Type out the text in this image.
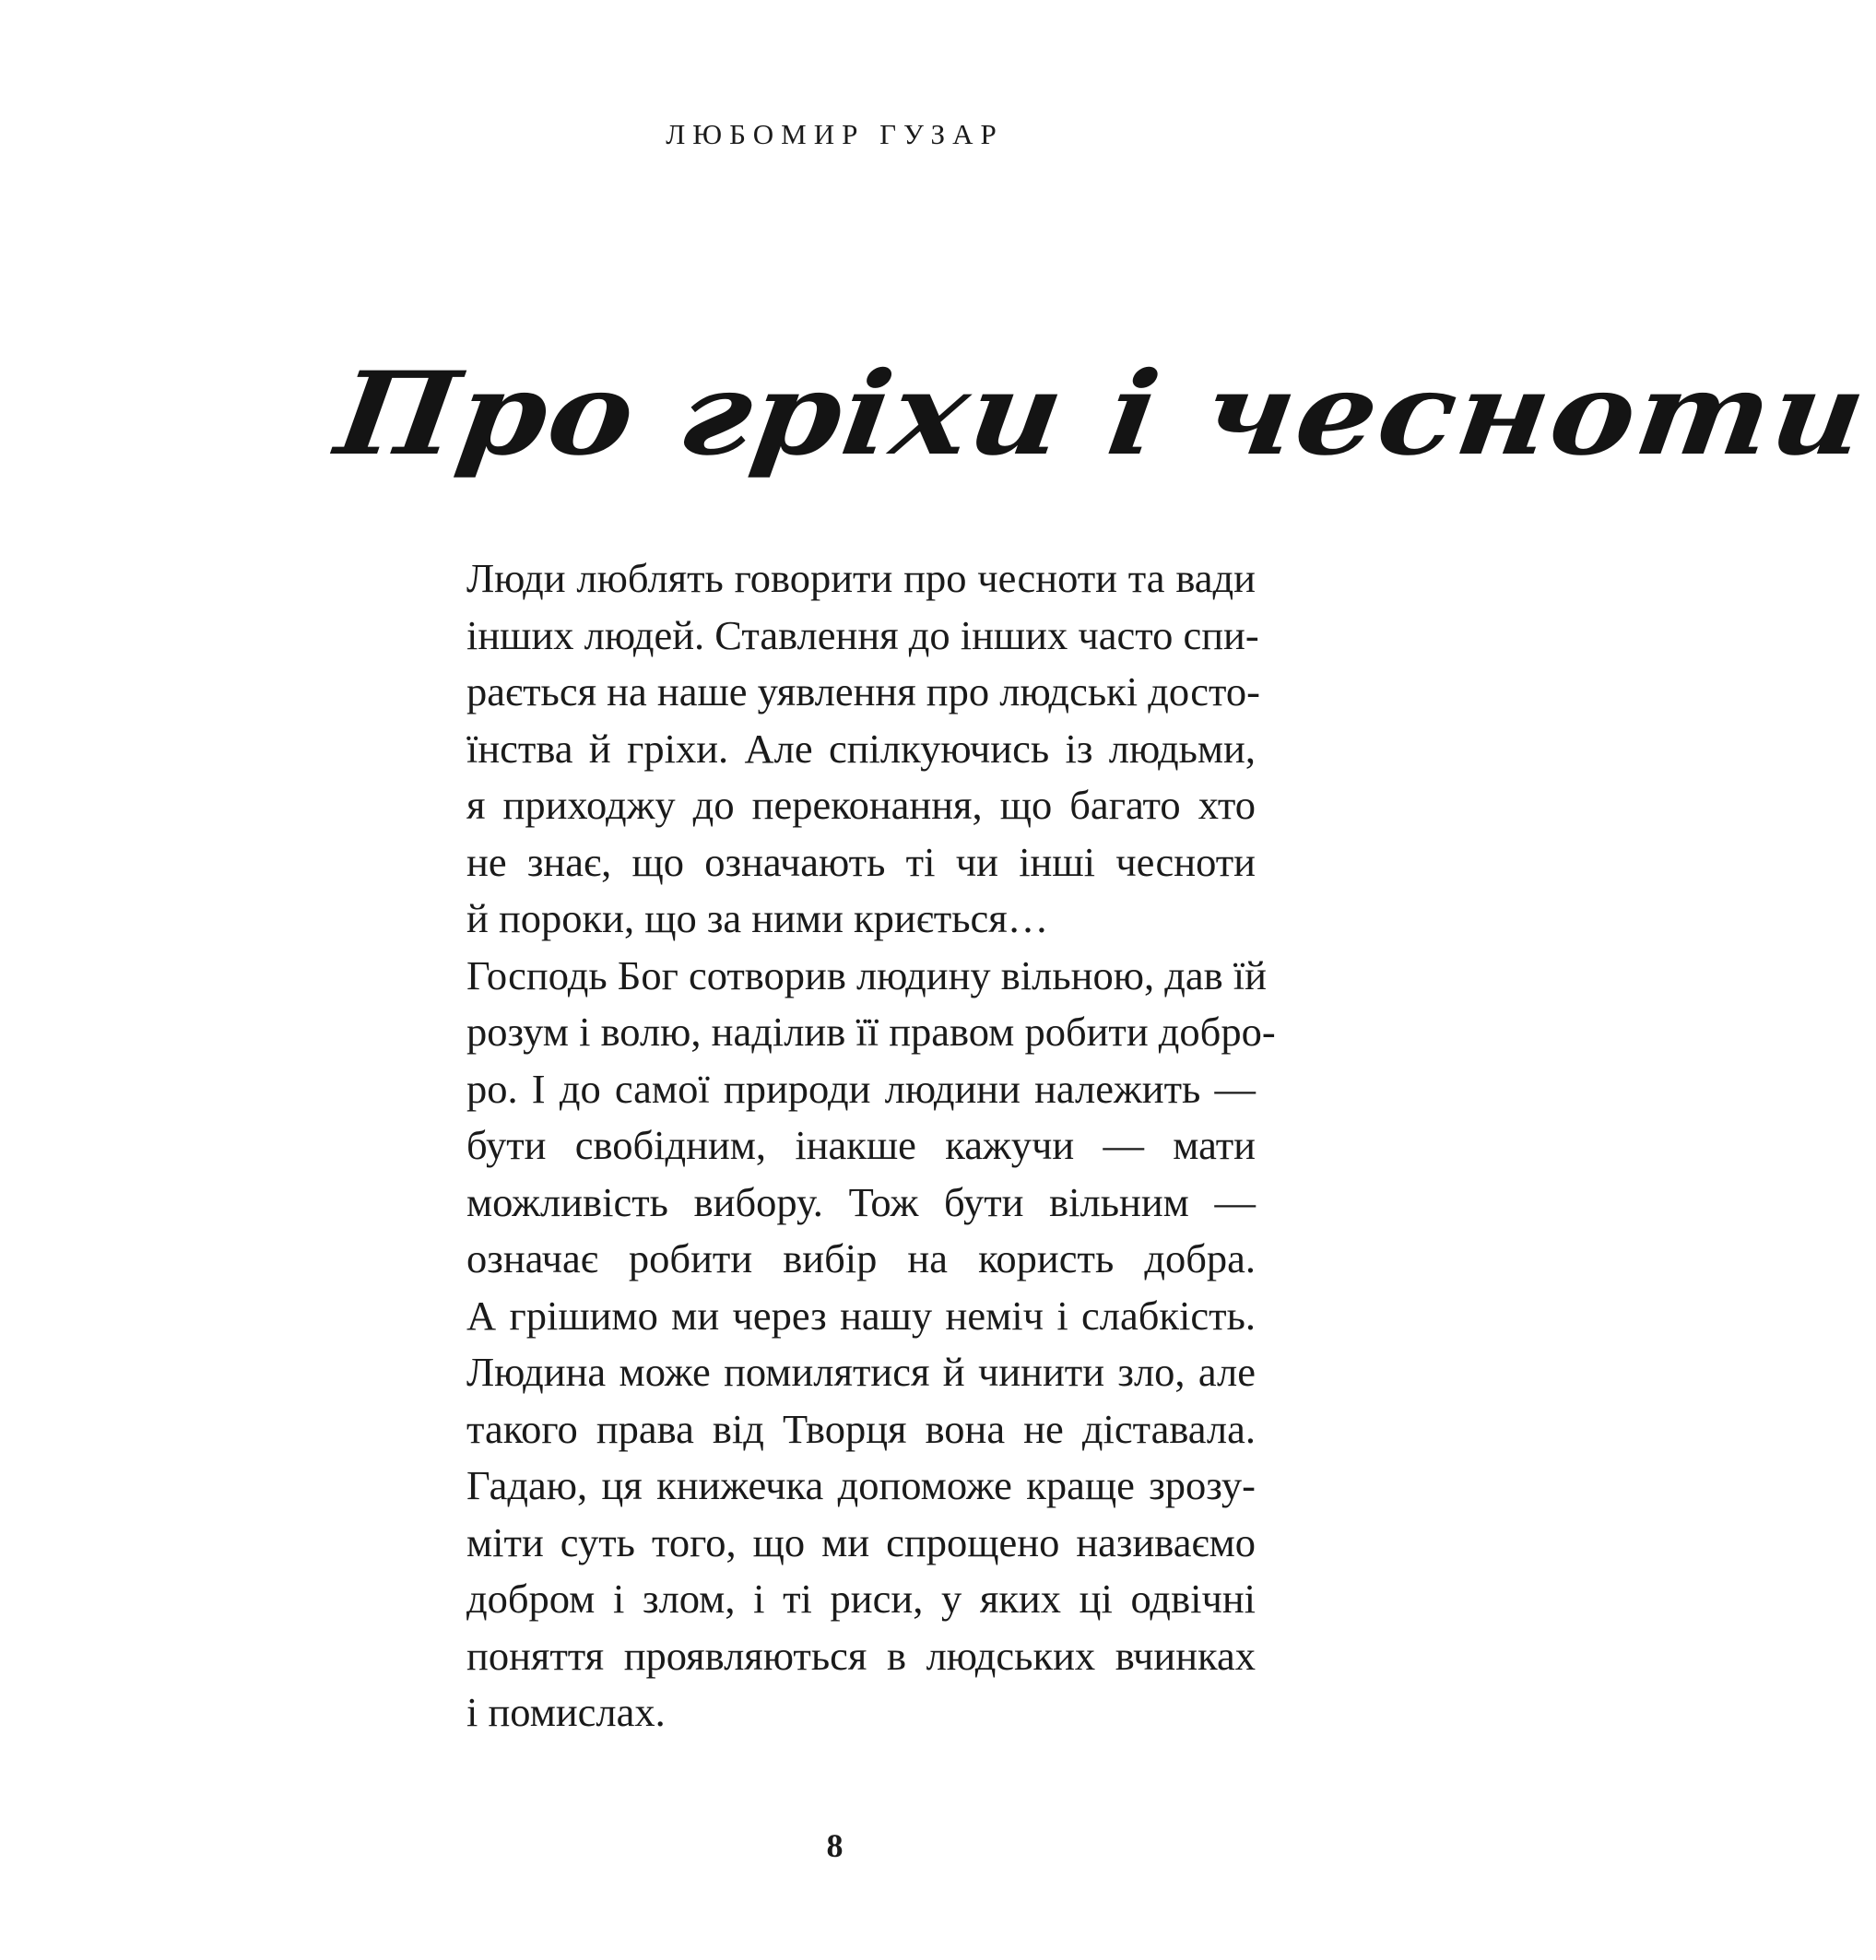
ЛЮБОМИР ГУЗАР
Про гріхи і чесноти
Люди люблять говорити про чесноти та вади
інших людей. Ставлення до інших часто спи-
рається на наше уявлення про людські досто-
їнства й гріхи. Але спілкуючись із людьми,
я приходжу до переконання, що багато хто
не знає, що означають ті чи інші чесноти
й пороки, що за ними криється…
Господь Бог сотворив людину вільною, дав їй
розум і волю, наділив її правом робити добро-
ро. І до самої природи людини належить —
бути свобідним, інакше кажучи — мати
можливість вибору. Тож бути вільним —
означає робити вибір на користь добра.
А грішимо ми через нашу неміч і слабкість.
Людина може помилятися й чинити зло, але
такого права від Творця вона не діставала.
Гадаю, ця книжечка допоможе краще зрозу-
міти суть того, що ми спрощено називаємо
добром і злом, і ті риси, у яких ці одвічні
поняття проявляються в людських вчинках
і помислах.
8
